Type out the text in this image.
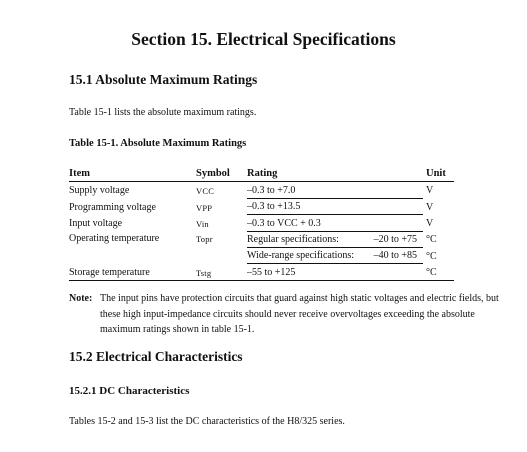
Section 15. Electrical Specifications
15.1 Absolute Maximum Ratings
Table 15-1 lists the absolute maximum ratings.
Table 15-1. Absolute Maximum Ratings
Item	Symbol	Rating	Unit
Supply voltage	VCC	–0.3 to +7.0	V
Programming voltage	VPP	–0.3 to +13.5	V
Input voltage	Vin	–0.3 to VCC + 0.3	V
Operating temperature	Topr	Regular specifications: –20 to +75	°C

		Wide-range specifications: –40 to +85	°C
Storage temperature	Tstg	–55 to +125	°C
Note: The input pins have protection circuits that guard against high static voltages and electric fields, but these high input-impedance circuits should never receive overvoltages exceeding the absolute maximum ratings shown in table 15-1.
15.2 Electrical Characteristics
15.2.1 DC Characteristics
Tables 15-2 and 15-3 list the DC characteristics of the H8/325 series.
